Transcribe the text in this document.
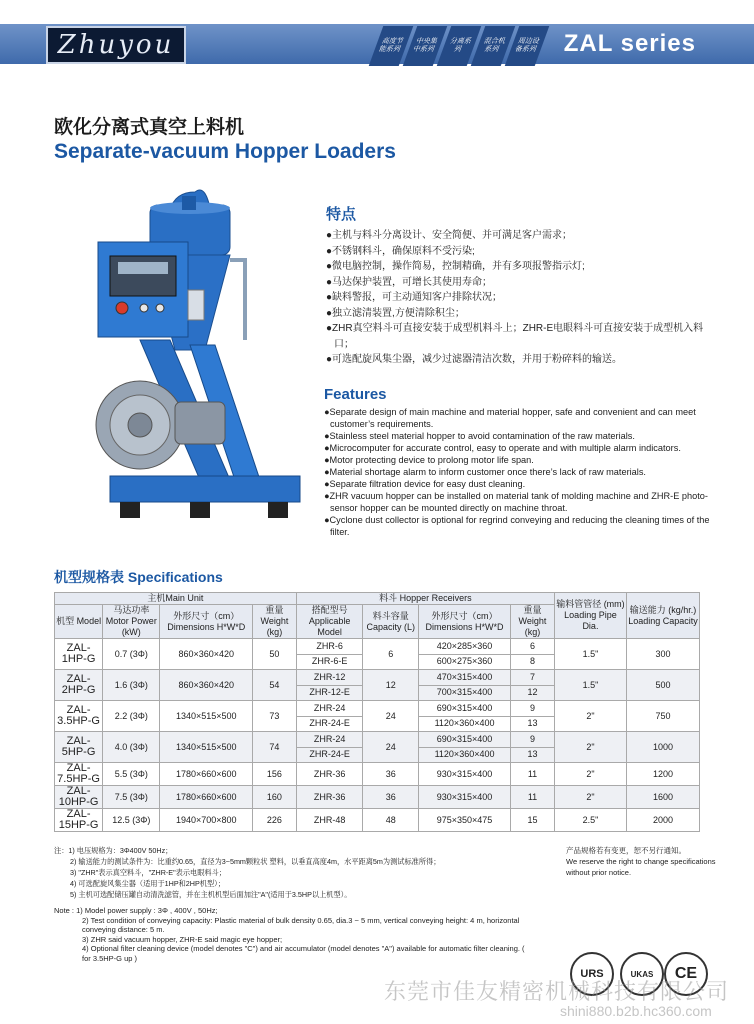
Zhuyou	高度节能系列
中央集中系列
分离系列
混合机系列
周边设备系列	ZAL series
欧化分离式真空上料机
Separate-vacuum Hopper Loaders
特点
●主机与料斗分离设计、安全简便、并可满足客户需求；
●不锈钢料斗，确保原料不受污染;
●微电脑控制，操作简易，控制精确，并有多项报警指示灯;
●马达保护装置，可增长其使用寿命；
●缺料警报，可主动通知客户排除状况；
●独立滤清装置,方便清除积尘；
●ZHR真空料斗可直接安装于成型机料斗上；ZHR-E电眼料斗可直接安装于成型机入料口；
●可选配旋风集尘器，减少过滤器清洁次数，并用于粉碎料的输送。
Features
●Separate design of main machine and material hopper, safe and convenient and can meet customer’s requirements.
●Stainless steel material hopper to avoid contamination of the raw materials.
●Microcomputer for accurate control, easy to operate and with multiple alarm indicators.
●Motor protecting device to prolong motor life span.
●Material shortage alarm to inform customer once there’s lack of raw materials.
●Separate filtration device for easy dust cleaning.
●ZHR vacuum hopper can be installed on material tank of molding machine and ZHR-E photo-sensor hopper can be mounted directly on machine throat.
●Cyclone dust collector is optional for regrind conveying and reducing the cleaning times of the filter.
机型规格表 Specifications
主机Main Unit				料斗 Hopper Receivers				输料管管径 (mm) Loading Pipe Dia.	输送能力 (kg/hr.) Loading Capacity
机型 Model	马达功率 Motor Power (kW)	外形尺寸（cm） Dimensions H*W*D	重量 Weight (kg)	搭配型号 Applicable Model	料斗容量 Capacity (L)	外形尺寸（cm） Dimensions H*W*D	重量 Weight (kg)		
ZAL-1HP-G	0.7 (3Φ)	860×360×420	50	ZHR-6	6	420×285×360	6	1.5"	300
				ZHR-6-E		600×275×360	8		
ZAL-2HP-G	1.6 (3Φ)	860×360×420	54	ZHR-12	12	470×315×400	7	1.5"	500
				ZHR-12-E		700×315×400	12		
ZAL-3.5HP-G	2.2 (3Φ)	1340×515×500	73	ZHR-24	24	690×315×400	9	2"	750
				ZHR-24-E		1120×360×400	13		
ZAL-5HP-G	4.0 (3Φ)	1340×515×500	74	ZHR-24	24	690×315×400	9	2"	1000
				ZHR-24-E		1120×360×400	13		
ZAL-7.5HP-G	5.5 (3Φ)	1780×660×600	156	ZHR-36	36	930×315×400	11	2"	1200
ZAL-10HP-G	7.5 (3Φ)	1780×660×600	160	ZHR-36	36	930×315×400	11	2"	1600
ZAL-15HP-G	12.5 (3Φ)	1940×700×800	226	ZHR-48	48	975×350×475	15	2.5"	2000
注：1) 电压规格为：3Φ400V 50Hz；
2) 输送能力的测试条件为：比重约0.65，直径为3~5mm颗粒状 塑料，以垂直高度4m，水平距离5m为测试标准所得；
3) "ZHR"表示真空料斗，"ZHR-E"表示电眼料斗；
4) 可选配旋风集尘器（适用于1HP和2HP机型）；
5) 主机可选配储压罐自动清洗滤管，并在主机机型后面加注"A"(适用于3.5HP以上机型）。
产品规格若有变更，恕不另行通知。
We reserve the right to change specifications without prior notice.
Note : 1) Model power supply : 3Φ , 400V , 50Hz;
2) Test condition of conveying capacity: Plastic material of bulk density 0.65, dia.3 ~ 5 mm, vertical conveying height: 4 m, horizontal conveying distance: 5 m.
3) ZHR said vacuum hopper, ZHR-E said magic eye hopper;
4) Optional filter cleaning device (model denotes "C") and air accumulator (model denotes "A") available for automatic filter cleaning. ( for 3.5HP-G up )
URS	UKAS	CE
东莞市佳友精密机械科技有限公司
shini880.b2b.hc360.com
